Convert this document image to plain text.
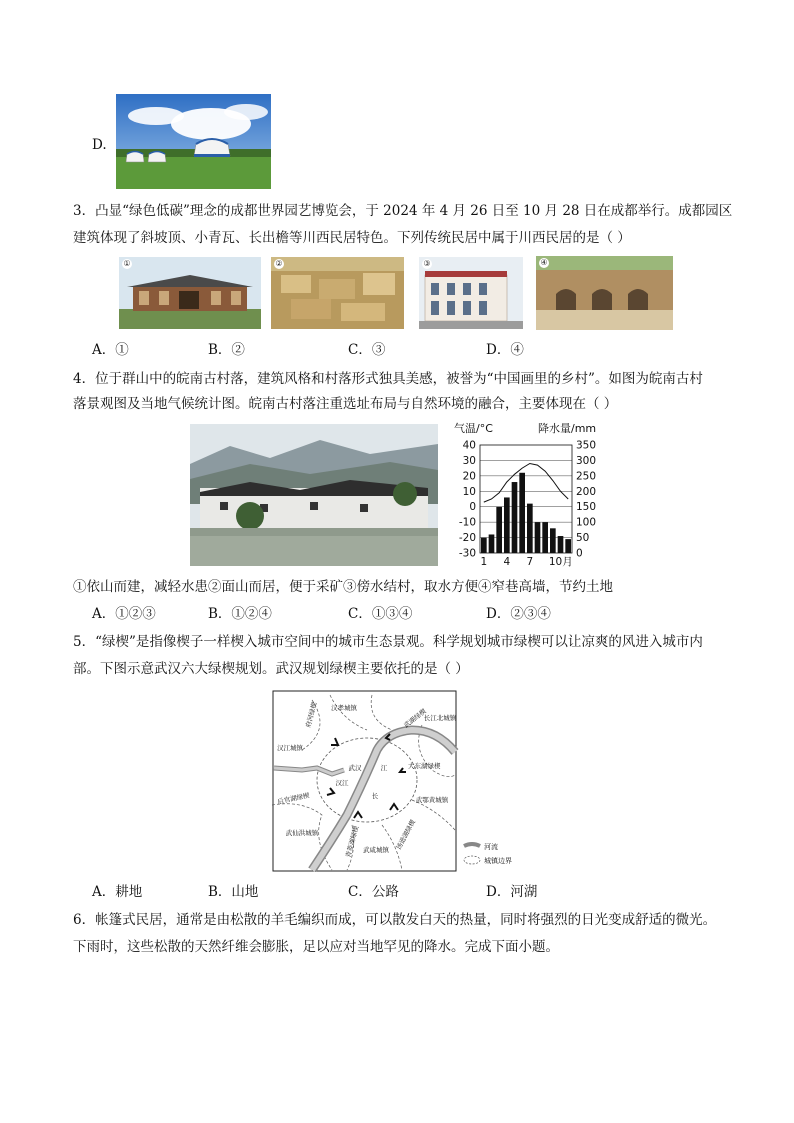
D.
3．凸显“绿色低碳”理念的成都世界园艺博览会，于 2024 年 4 月 26 日至 10 月 28 日在成都举行。成都园区
建筑体现了斜坡顶、小青瓦、长出檐等川西民居特色。下列传统民居中属于川西民居的是（ ）
①	②	③	④
A．①	B．②	C．③	D．④
4．位于群山中的皖南古村落，建筑风格和村落形式独具美感，被誉为“中国画里的乡村”。如图为皖南古村
落景观图及当地气候统计图。皖南古村落注重选址布局与自然环境的融合，主要体现在（ ）
气温/°C	降水量/mm
40	350
30	300
20	250
10	200
0	150
-10	100
-20	50
-30	0
1 4 7 10月
①依山而建，减轻水患②面山而居，便于采矿③傍水结村，取水方便④窄巷高墙，节约土地
A．①②③	B．①②④	C．①③④	D．②③④
5．“绿楔”是指像楔子一样楔入城市空间中的城市生态景观。科学规划城市绿楔可以让凉爽的风进入城市内
部。下图示意武汉六大绿楔规划。武汉规划绿楔主要依托的是（ ）
府河绿楔	武湖绿楔
大东湖绿楔
后官湖绿楔
青菱湖绿楔	汤逊湖绿楔
汉孝城镇
汉江城镇
长江北城镇
武仙洪城镇
武咸城镇
武鄂黄城镇
武汉	江
长
汉江
河流
城镇边界
A．耕地	B．山地	C．公路	D．河湖
6．帐篷式民居，通常是由松散的羊毛编织而成，可以散发白天的热量，同时将强烈的日光变成舒适的微光。
下雨时，这些松散的天然纤维会膨胀，足以应对当地罕见的降水。完成下面小题。
